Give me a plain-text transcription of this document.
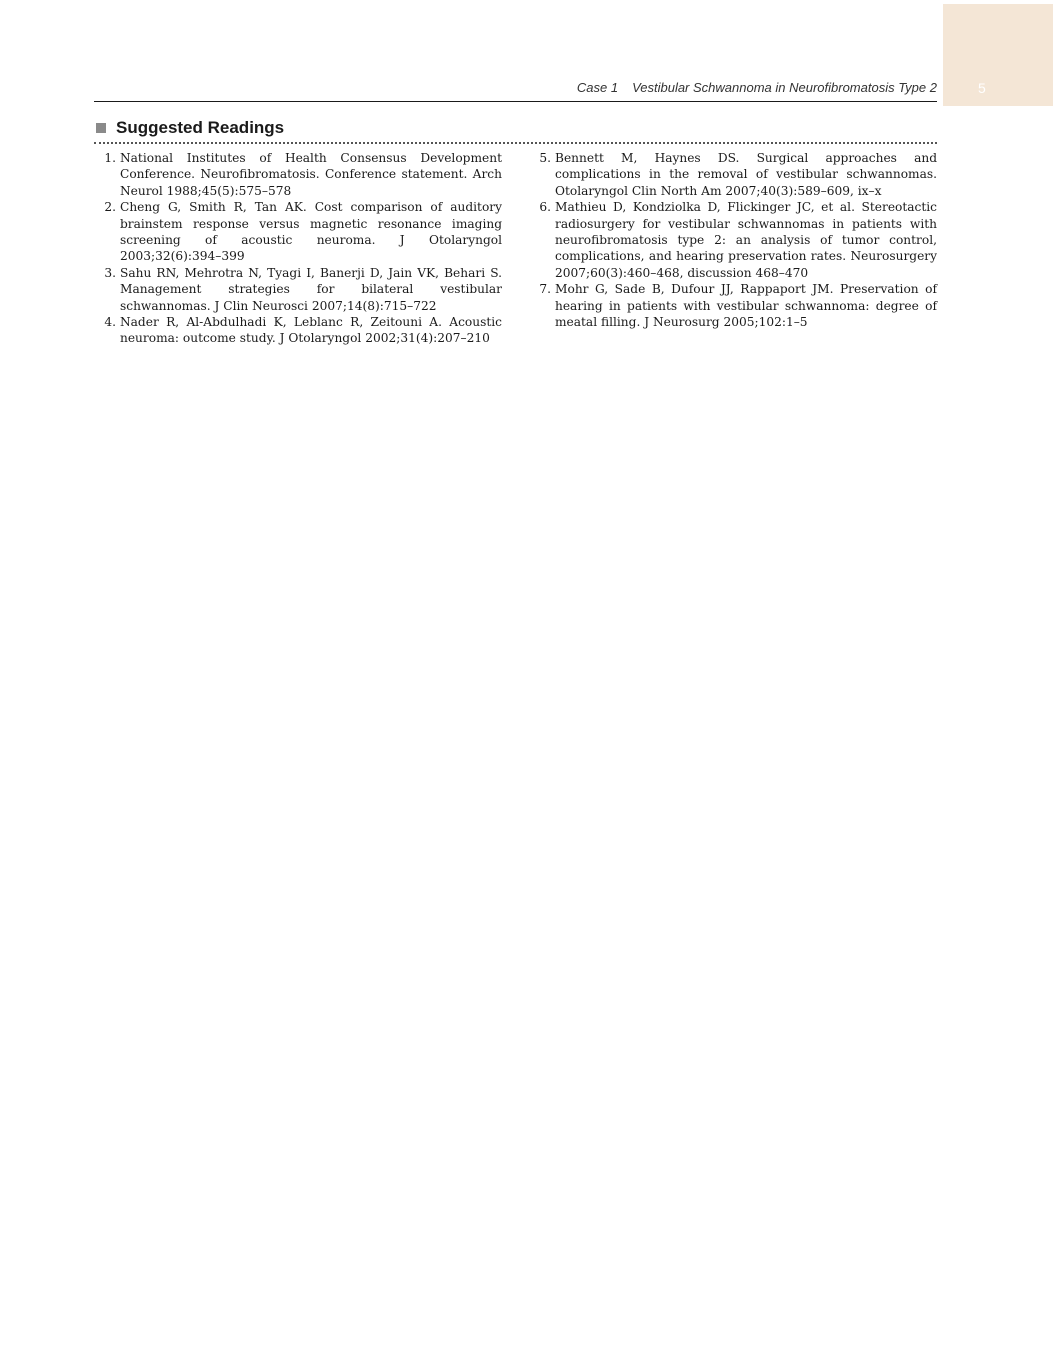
5
Case 1 Vestibular Schwannoma in Neurofibromatosis Type 2
Suggested Readings
1. National Institutes of Health Consensus Development Conference. Neurofibromatosis. Conference statement. Arch Neurol 1988;45(5):575–578
2. Cheng G, Smith R, Tan AK. Cost comparison of auditory brainstem response versus magnetic resonance imaging screening of acoustic neuroma. J Otolaryngol 2003;32(6):394–399
3. Sahu RN, Mehrotra N, Tyagi I, Banerji D, Jain VK, Behari S. Management strategies for bilateral vestibular schwannomas. J Clin Neurosci 2007;14(8):715–722
4. Nader R, Al-Abdulhadi K, Leblanc R, Zeitouni A. Acoustic neuroma: outcome study. J Otolaryngol 2002;31(4):207–210
5. Bennett M, Haynes DS. Surgical approaches and complications in the removal of vestibular schwannomas. Otolaryngol Clin North Am 2007;40(3):589–609, ix–x
6. Mathieu D, Kondziolka D, Flickinger JC, et al. Stereotactic radiosurgery for vestibular schwannomas in patients with neurofibromatosis type 2: an analysis of tumor control, complications, and hearing preservation rates. Neurosurgery 2007;60(3):460–468, discussion 468–470
7. Mohr G, Sade B, Dufour JJ, Rappaport JM. Preservation of hearing in patients with vestibular schwannoma: degree of meatal filling. J Neurosurg 2005;102:1–5
